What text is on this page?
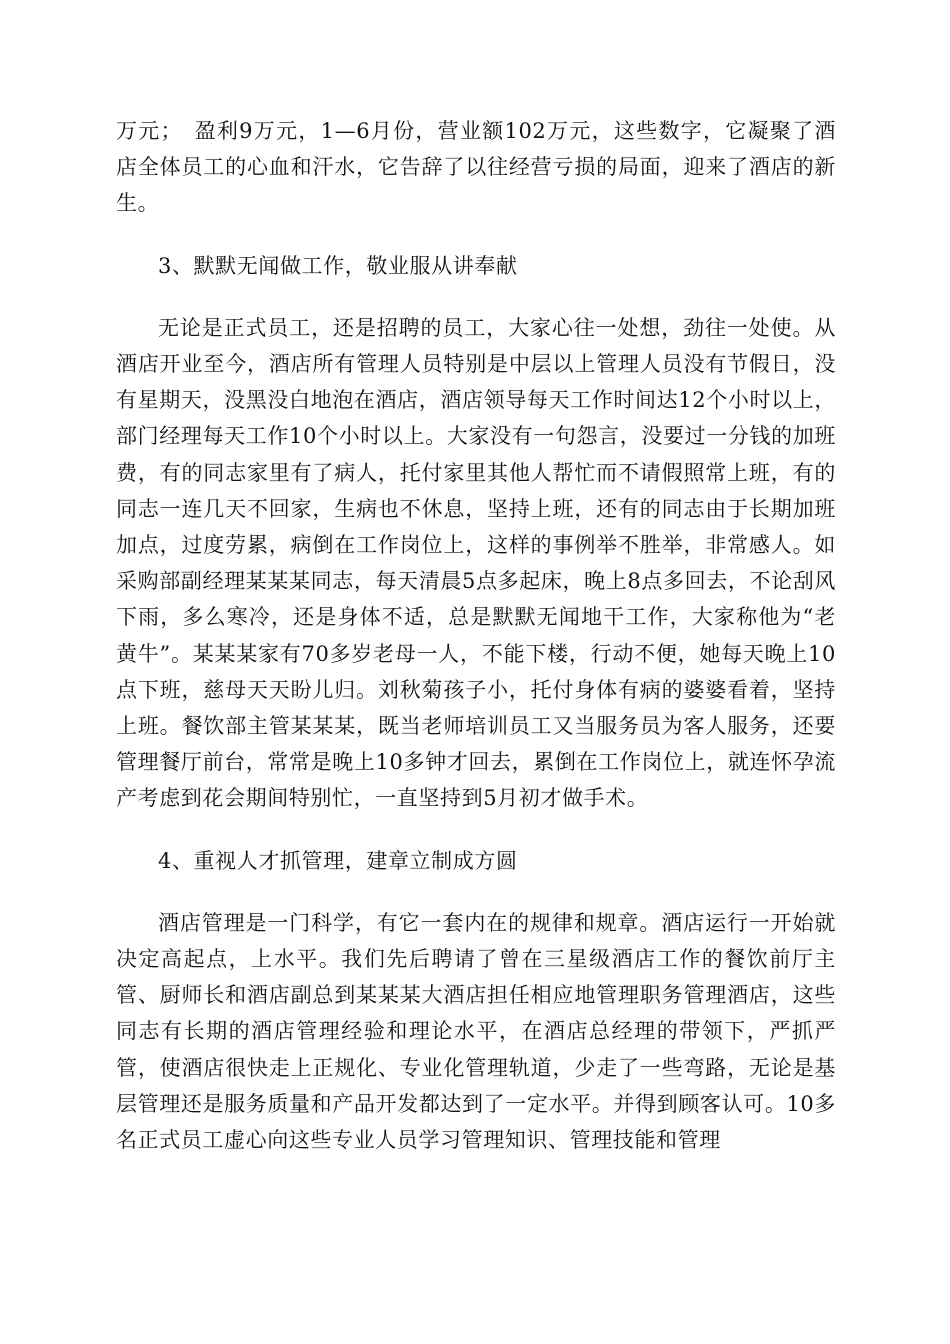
万元；　盈利9万元，1—6月份，营业额102万元，这些数字，它凝聚了酒店全体员工的心血和汗水，它告辞了以往经营亏损的局面，迎来了酒店的新生。

3、默默无闻做工作，敬业服从讲奉献

无论是正式员工，还是招聘的员工，大家心往一处想，劲往一处使。从酒店开业至今，酒店所有管理人员特别是中层以上管理人员没有节假日，没有星期天，没黑没白地泡在酒店，酒店领导每天工作时间达12个小时以上，部门经理每天工作10个小时以上。大家没有一句怨言，没要过一分钱的加班费，有的同志家里有了病人，托付家里其他人帮忙而不请假照常上班，有的同志一连几天不回家，生病也不休息，坚持上班，还有的同志由于长期加班加点，过度劳累，病倒在工作岗位上，这样的事例举不胜举，非常感人。如采购部副经理某某某同志，每天清晨5点多起床，晚上8点多回去，不论刮风下雨，多么寒冷，还是身体不适，总是默默无闻地干工作，大家称他为“老黄牛”。某某某家有70多岁老母一人，不能下楼，行动不便，她每天晚上10点下班，慈母天天盼儿归。刘秋菊孩子小，托付身体有病的婆婆看着，坚持上班。餐饮部主管某某某，既当老师培训员工又当服务员为客人服务，还要管理餐厅前台，常常是晚上10多钟才回去，累倒在工作岗位上，就连怀孕流产考虑到花会期间特别忙，一直坚持到5月初才做手术。

4、重视人才抓管理，建章立制成方圆

酒店管理是一门科学，有它一套内在的规律和规章。酒店运行一开始就决定高起点，上水平。我们先后聘请了曾在三星级酒店工作的餐饮前厅主管、厨师长和酒店副总到某某某大酒店担任相应地管理职务管理酒店，这些同志有长期的酒店管理经验和理论水平，在酒店总经理的带领下，严抓严管，使酒店很快走上正规化、专业化管理轨道，少走了一些弯路，无论是基层管理还是服务质量和产品开发都达到了一定水平。并得到顾客认可。10多名正式员工虚心向这些专业人员学习管理知识、管理技能和管理
